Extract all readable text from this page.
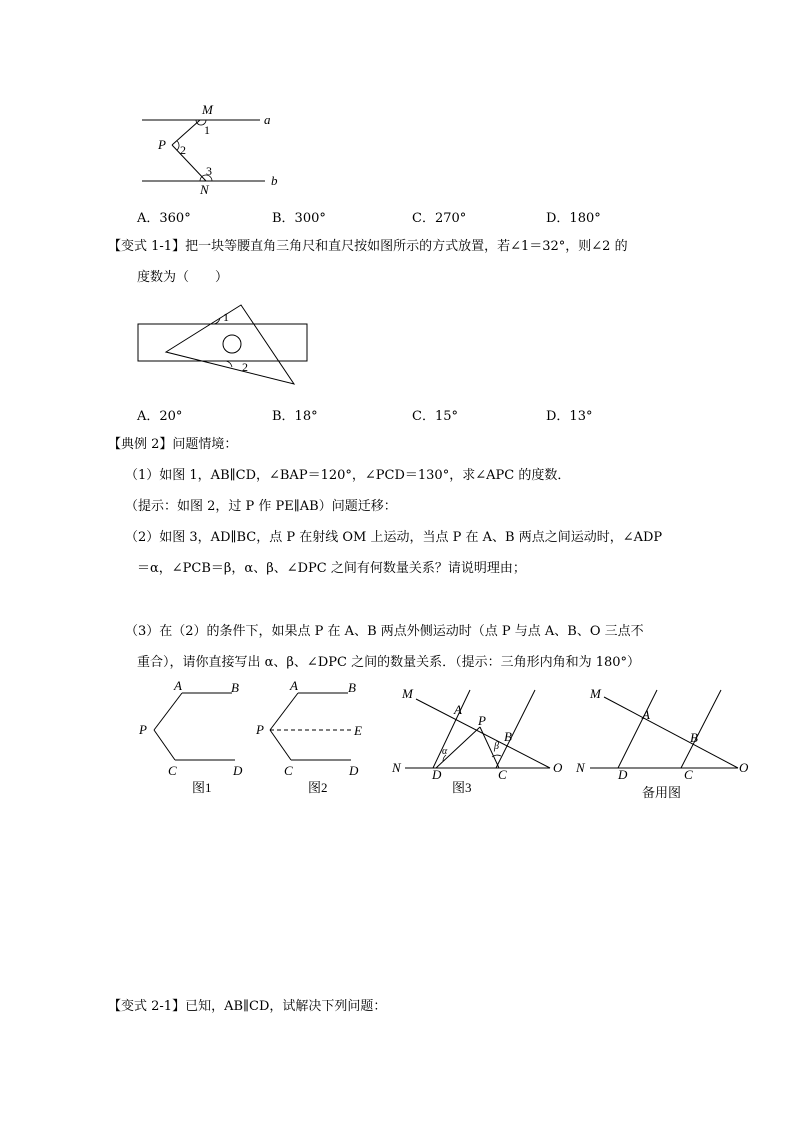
M
a
1
P 2
3
N
b
A．360°	B．300°	C．270°	D．180°
【变式 1-1】把一块等腰直角三角尺和直尺按如图所示的方式放置，若∠1＝32°，则∠2 的
度数为（　　）
1
2
A．20°	B．18°	C．15°	D．13°
【典例 2】问题情境：
（1）如图 1，AB∥CD，∠BAP＝120°，∠PCD＝130°，求∠APC 的度数．
（提示：如图 2，过 P 作 PE∥AB）问题迁移：
（2）如图 3，AD∥BC，点 P 在射线 OM 上运动，当点 P 在 A、B 两点之间运动时，∠ADP
＝α，∠PCB＝β，α、β、∠DPC 之间有何数量关系？请说明理由；
（3）在（2）的条件下，如果点 P 在 A、B 两点外侧运动时（点 P 与点 A、B、O 三点不
重合），请你直接写出 α、β、∠DPC 之间的数量关系．（提示：三角形内角和为 180°）
A	B
P
C	D
图1
A	B
P	E
C	D
图2
M
A
P
B
α	β
N D	C	O
图3
M
A
B
N	D	C	O
备用图
【变式 2-1】已知，AB∥CD，试解决下列问题：
